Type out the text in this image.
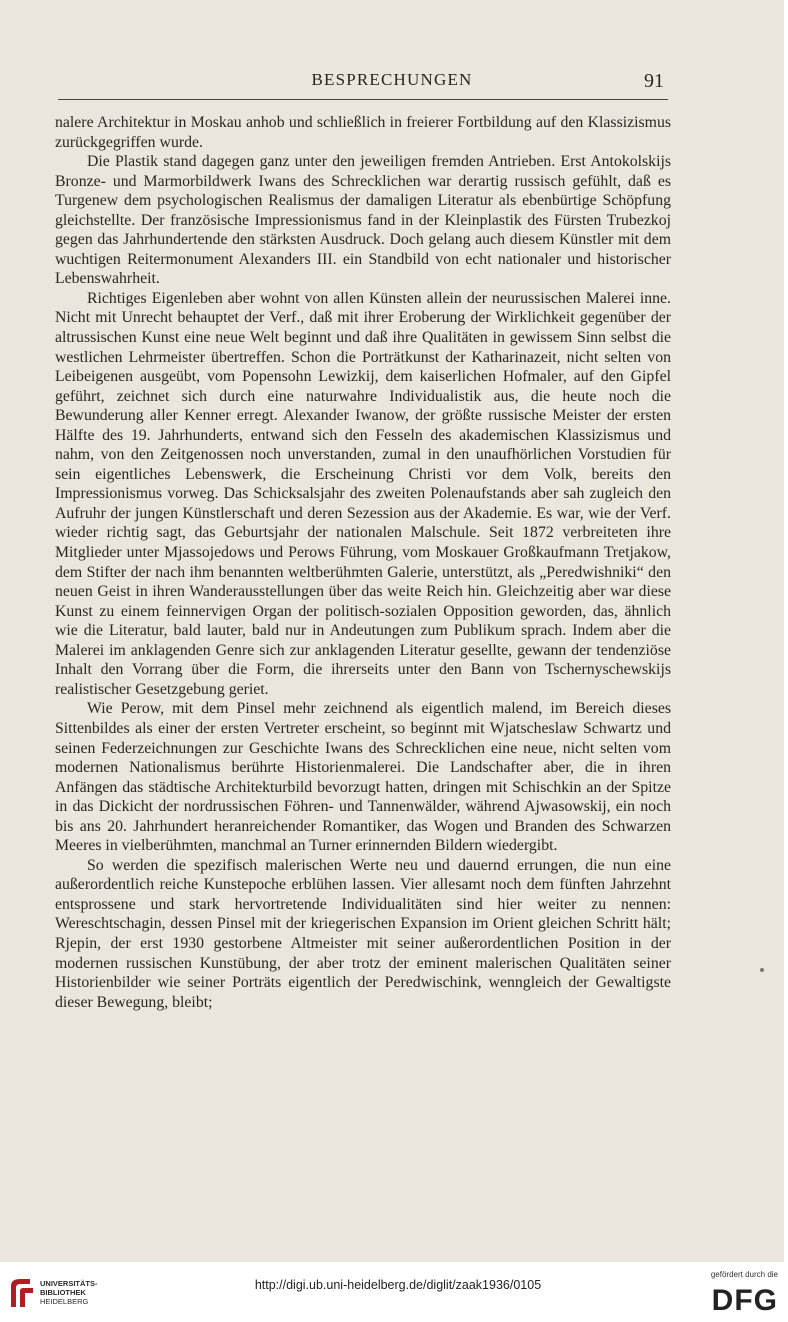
BESPRECHUNGEN	91

nalere Architektur in Moskau anhob und schließlich in freierer Fortbildung auf den Klassizismus zurückgegriffen wurde.

Die Plastik stand dagegen ganz unter den jeweiligen fremden Antrieben. Erst Antokolskijs Bronze- und Marmorbildwerk Iwans des Schrecklichen war derartig russisch gefühlt, daß es Turgenew dem psychologischen Realismus der damaligen Literatur als ebenbürtige Schöpfung gleichstellte. Der französische Impressionismus fand in der Kleinplastik des Fürsten Trubezkoj gegen das Jahrhundertende den stärksten Ausdruck. Doch gelang auch diesem Künstler mit dem wuchtigen Reitermonument Alexanders III. ein Standbild von echt nationaler und historischer Lebenswahrheit.

Richtiges Eigenleben aber wohnt von allen Künsten allein der neurussischen Malerei inne. Nicht mit Unrecht behauptet der Verf., daß mit ihrer Eroberung der Wirklichkeit gegenüber der altrussischen Kunst eine neue Welt beginnt und daß ihre Qualitäten in gewissem Sinn selbst die westlichen Lehrmeister übertreffen. Schon die Porträtkunst der Katharinazeit, nicht selten von Leibeigenen ausgeübt, vom Popensohn Lewizkij, dem kaiserlichen Hofmaler, auf den Gipfel geführt, zeichnet sich durch eine naturwahre Individualistik aus, die heute noch die Bewunderung aller Kenner erregt. Alexander Iwanow, der größte russische Meister der ersten Hälfte des 19. Jahrhunderts, entwand sich den Fesseln des akademischen Klassizismus und nahm, von den Zeitgenossen noch unverstanden, zumal in den unaufhörlichen Vorstudien für sein eigentliches Lebenswerk, die Erscheinung Christi vor dem Volk, bereits den Impressionismus vorweg. Das Schicksalsjahr des zweiten Polenaufstands aber sah zugleich den Aufruhr der jungen Künstlerschaft und deren Sezession aus der Akademie. Es war, wie der Verf. wieder richtig sagt, das Geburtsjahr der nationalen Malschule. Seit 1872 verbreiteten ihre Mitglieder unter Mjassojedows und Perows Führung, vom Moskauer Großkaufmann Tretjakow, dem Stifter der nach ihm benannten weltberühmten Galerie, unterstützt, als „Peredwishniki“ den neuen Geist in ihren Wanderausstellungen über das weite Reich hin. Gleichzeitig aber war diese Kunst zu einem feinnervigen Organ der politisch-sozialen Opposition geworden, das, ähnlich wie die Literatur, bald lauter, bald nur in Andeutungen zum Publikum sprach. Indem aber die Malerei im anklagenden Genre sich zur anklagenden Literatur gesellte, gewann der tendenziöse Inhalt den Vorrang über die Form, die ihrerseits unter den Bann von Tschernyschewskijs realistischer Gesetzgebung geriet.

Wie Perow, mit dem Pinsel mehr zeichnend als eigentlich malend, im Bereich dieses Sittenbildes als einer der ersten Vertreter erscheint, so beginnt mit Wjatscheslaw Schwartz und seinen Federzeichnungen zur Geschichte Iwans des Schrecklichen eine neue, nicht selten vom modernen Nationalismus berührte Historienmalerei. Die Landschafter aber, die in ihren Anfängen das städtische Architekturbild bevorzugt hatten, dringen mit Schischkin an der Spitze in das Dickicht der nordrussischen Föhren- und Tannenwälder, während Ajwasowskij, ein noch bis ans 20. Jahrhundert heranreichender Romantiker, das Wogen und Branden des Schwarzen Meeres in vielberühmten, manchmal an Turner erinnernden Bildern wiedergibt.

So werden die spezifisch malerischen Werte neu und dauernd errungen, die nun eine außerordentlich reiche Kunstepoche erblühen lassen. Vier allesamt noch dem fünften Jahrzehnt entsprossene und stark hervortretende Individualitäten sind hier weiter zu nennen: Wereschtschagin, dessen Pinsel mit der kriegerischen Expansion im Orient gleichen Schritt hält; Rjepin, der erst 1930 gestorbene Altmeister mit seiner außerordentlichen Position in der modernen russischen Kunstübung, der aber trotz der eminent malerischen Qualitäten seiner Historienbilder wie seiner Porträts eigentlich der Peredwischink, wenngleich der Gewaltigste dieser Bewegung, bleibt;

UNIVERSITÄTS-
BIBLIOTHEK
HEIDELBERG
http://digi.ub.uni-heidelberg.de/diglit/zaak1936/0105
gefördert durch die
DFG
